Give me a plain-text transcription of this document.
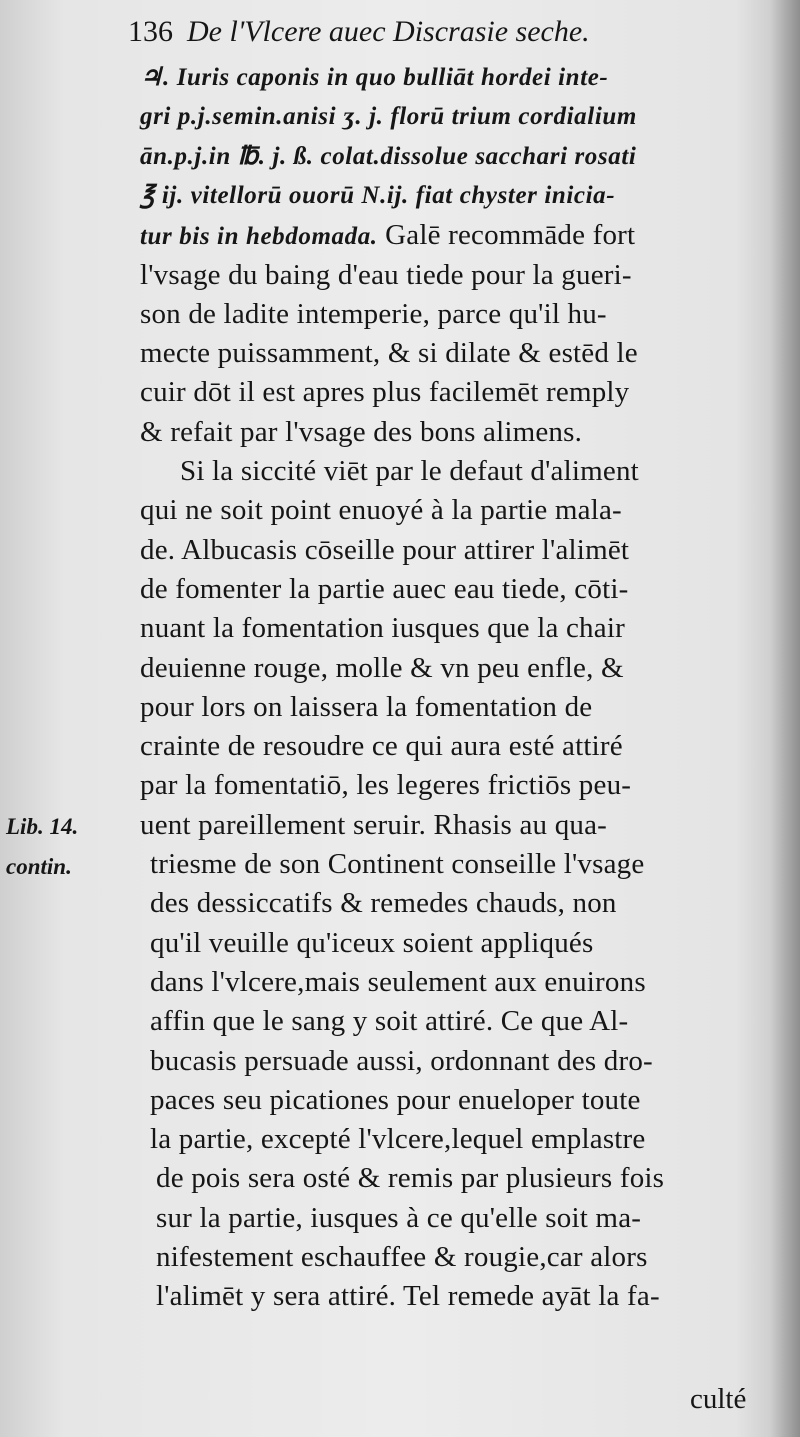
136 De l'Vlcere auec Discrasie seche.
♃. Iuris caponis in quo bulliāt hordei inte-
gri p.j.semin.anisi ʒ. j. florū trium cordialium
ān.p.j.in ℔. j. ß. colat.dissolue sacchari rosati
℥ ij. vitellorū ouorū N.ij. fiat chyster inicia-
tur bis in hebdomada. Galē recommāde fort
l'vsage du baing d'eau tiede pour la gueri-
son de ladite intemperie, parce qu'il hu-
mecte puissamment, & si dilate & estēd le
cuir dōt il est apres plus facilemēt remply
& refait par l'vsage des bons alimens.
Si la siccité viēt par le defaut d'aliment
qui ne soit point enuoyé à la partie mala-
de. Albucasis cōseille pour attirer l'alimēt
de fomenter la partie auec eau tiede, cōti-
nuant la fomentation iusques que la chair
deuienne rouge, molle & vn peu enfle, &
pour lors on laissera la fomentation de
crainte de resoudre ce qui aura esté attiré
par la fomentatiō, les legeres frictiōs peu-
uent pareillement seruir. Rhasis au qua-
triesme de son Continent conseille l'vsage
des dessiccatifs & remedes chauds, non
qu'il veuille qu'iceux soient appliqués
dans l'vlcere,mais seulement aux enuirons
affin que le sang y soit attiré. Ce que Al-
bucasis persuade aussi, ordonnant des dro-
paces seu picationes pour enueloper toute
la partie, excepté l'vlcere,lequel emplastre
de pois sera osté & remis par plusieurs fois
sur la partie, iusques à ce qu'elle soit ma-
nifestement eschauffee & rougie,car alors
l'alimēt y sera attiré. Tel remede ayāt la fa-
Lib. 14.
contin.
culté
